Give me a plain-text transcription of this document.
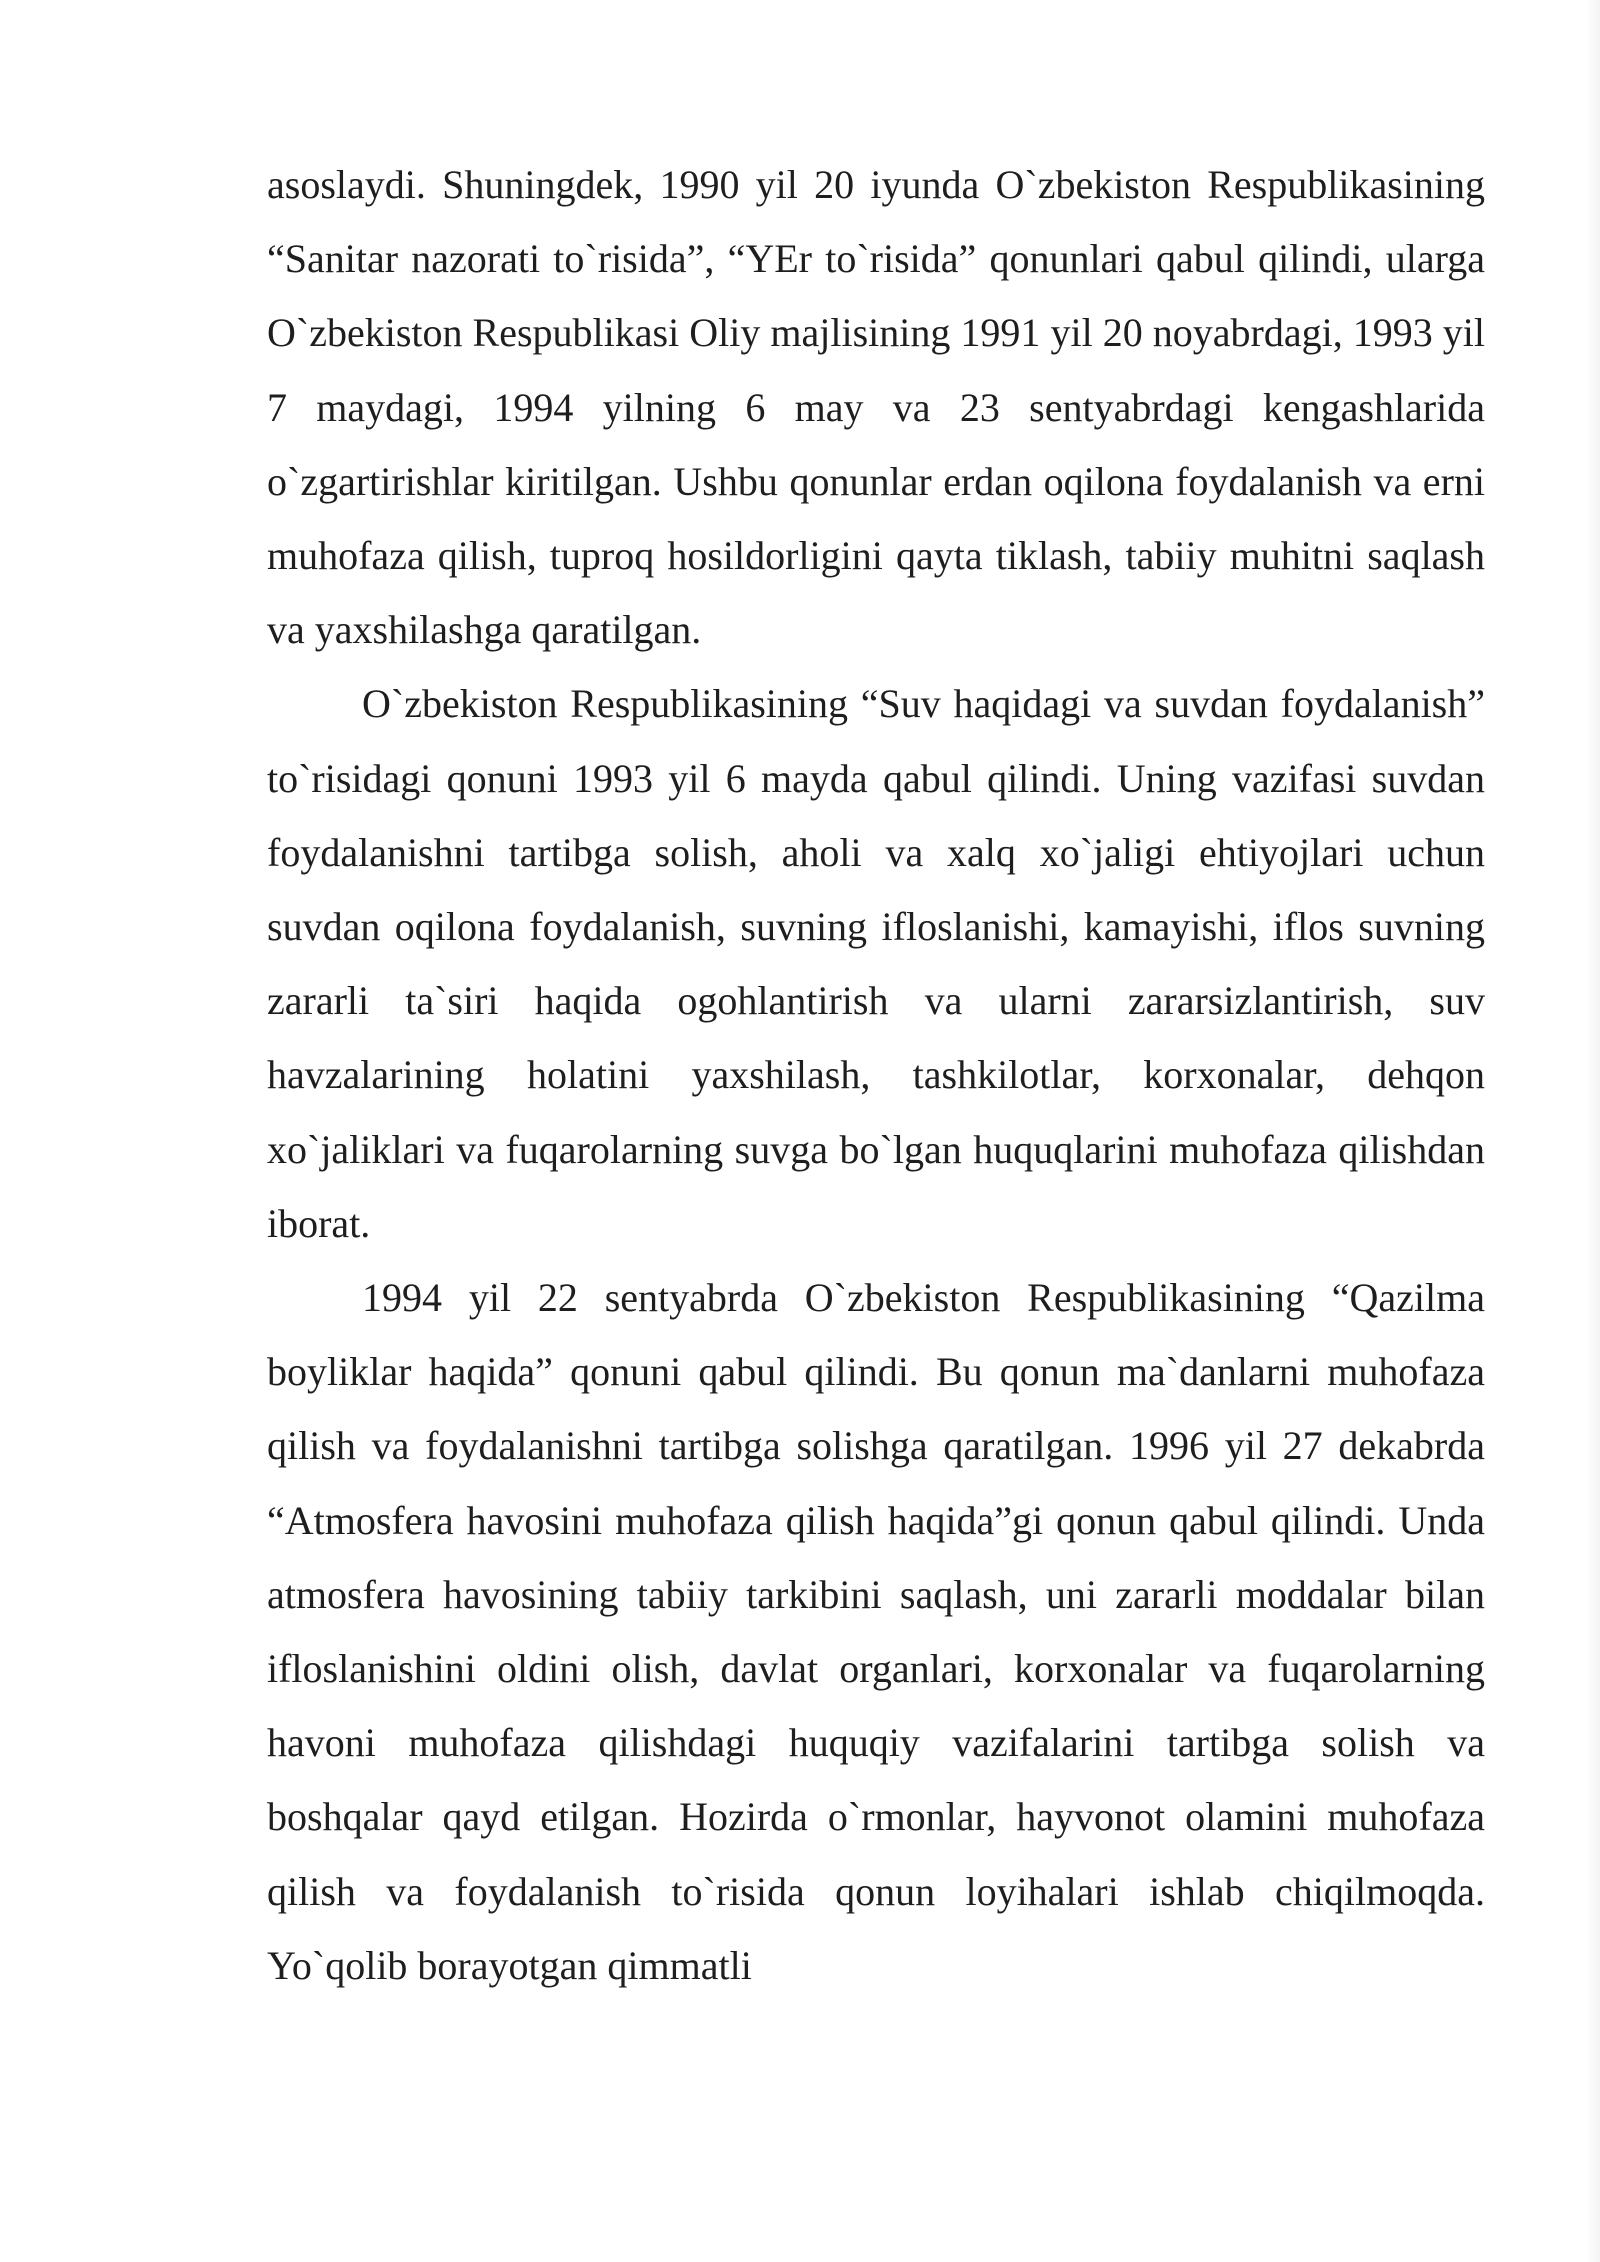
asoslaydi. Shuningdek, 1990 yil 20 iyunda O`zbekiston Respublikasining “Sanitar nazorati to`risida”, “YEr to`risida” qonunlari qabul qilindi, ularga O`zbekiston Respublikasi Oliy majlisining 1991 yil 20 noyabrdagi, 1993 yil 7 maydagi, 1994 yilning 6 may va 23 sentyabrdagi kengashlarida o`zgartirishlar kiritilgan. Ushbu qonunlar erdan oqilona foydalanish va erni muhofaza qilish, tuproq hosildorligini qayta tiklash, tabiiy muhitni saqlash va yaxshilashga qaratilgan.

O`zbekiston Respublikasining “Suv haqidagi va suvdan foydalanish” to`risidagi qonuni 1993 yil 6 mayda qabul qilindi. Uning vazifasi suvdan foydalanishni tartibga solish, aholi va xalq xo`jaligi ehtiyojlari uchun suvdan oqilona foydalanish, suvning ifloslanishi, kamayishi, iflos suvning zararli ta`siri haqida ogohlantirish va ularni zararsizlantirish, suv havzalarining holatini yaxshilash, tashkilotlar, korxonalar, dehqon xo`jaliklari va fuqarolarning suvga bo`lgan huquqlarini muhofaza qilishdan iborat.

1994 yil 22 sentyabrda O`zbekiston Respublikasining “Qazilma boyliklar haqida” qonuni qabul qilindi. Bu qonun ma`danlarni muhofaza qilish va foydalanishni tartibga solishga qaratilgan. 1996 yil 27 dekabrda “Atmosfera havosini muhofaza qilish haqida”gi qonun qabul qilindi. Unda atmosfera havosining tabiiy tarkibini saqlash, uni zararli moddalar bilan ifloslanishini oldini olish, davlat organlari, korxonalar va fuqarolarning havoni muhofaza qilishdagi huquqiy vazifalarini tartibga solish va boshqalar qayd etilgan. Hozirda o`rmonlar, hayvonot olamini muhofaza qilish va foydalanish to`risida qonun loyihalari ishlab chiqilmoqda. Yo`qolib borayotgan qimmatli
